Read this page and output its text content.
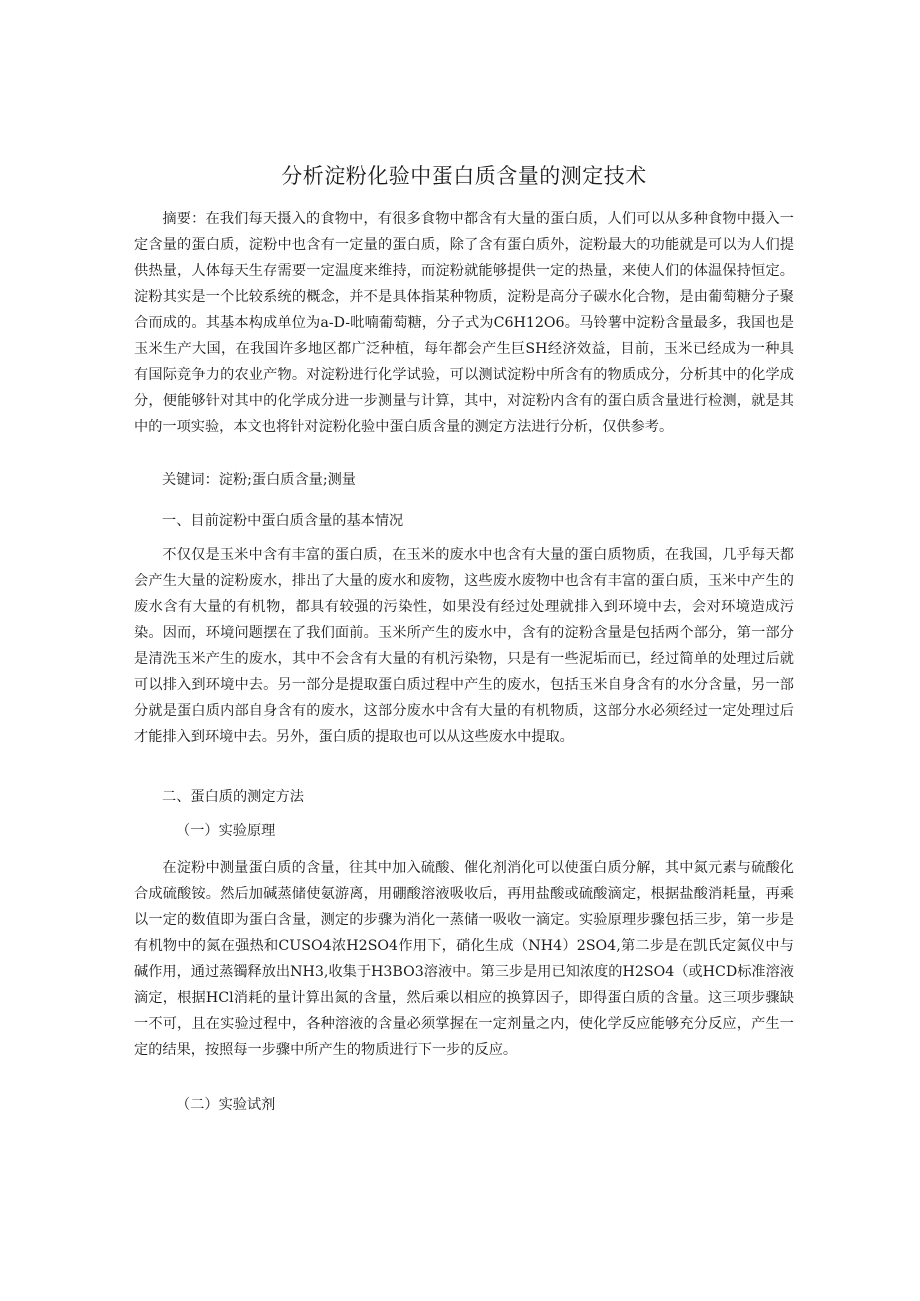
分析淀粉化验中蛋白质含量的测定技术

摘要：在我们每天摄入的食物中，有很多食物中都含有大量的蛋白质，人们可以从多种食物中摄入一定含量的蛋白质，淀粉中也含有一定量的蛋白质，除了含有蛋白质外，淀粉最大的功能就是可以为人们提供热量，人体每天生存需要一定温度来维持，而淀粉就能够提供一定的热量，来使人们的体温保持恒定。淀粉其实是一个比较系统的概念，并不是具体指某种物质，淀粉是高分子碳水化合物，是由葡萄糖分子聚合而成的。其基本构成单位为a-D-吡喃葡萄糖，分子式为C6H12O6。马铃薯中淀粉含量最多，我国也是玉米生产大国，在我国许多地区都广泛种植，每年都会产生巨SH经济效益，目前，玉米已经成为一种具有国际竞争力的农业产物。对淀粉进行化学试验，可以测试淀粉中所含有的物质成分，分析其中的化学成分，便能够针对其中的化学成分进一步测量与计算，其中，对淀粉内含有的蛋白质含量进行检测，就是其中的一项实验，本文也将针对淀粉化验中蛋白质含量的测定方法进行分析，仅供参考。

关键词：淀粉;蛋白质含量;测量

一、目前淀粉中蛋白质含量的基本情况

不仅仅是玉米中含有丰富的蛋白质，在玉米的废水中也含有大量的蛋白质物质，在我国，几乎每天都会产生大量的淀粉废水，排出了大量的废水和废物，这些废水废物中也含有丰富的蛋白质，玉米中产生的废水含有大量的有机物，都具有较强的污染性，如果没有经过处理就排入到环境中去，会对环境造成污染。因而，环境问题摆在了我们面前。玉米所产生的废水中，含有的淀粉含量是包括两个部分，第一部分是清洗玉米产生的废水，其中不会含有大量的有机污染物，只是有一些泥垢而已，经过简单的处理过后就可以排入到环境中去。另一部分是提取蛋白质过程中产生的废水，包括玉米自身含有的水分含量，另一部分就是蛋白质内部自身含有的废水，这部分废水中含有大量的有机物质，这部分水必须经过一定处理过后才能排入到环境中去。另外，蛋白质的提取也可以从这些废水中提取。

二、蛋白质的测定方法

（一）实验原理

在淀粉中测量蛋白质的含量，往其中加入硫酸、催化剂消化可以使蛋白质分解，其中氮元素与硫酸化合成硫酸铵。然后加碱蒸储使氨游离，用硼酸溶液吸收后，再用盐酸或硫酸滴定，根据盐酸消耗量，再乘以一定的数值即为蛋白含量，测定的步骤为消化一蒸储一吸收一滴定。实验原理步骤包括三步，第一步是有机物中的氮在强热和CUSO4浓H2SO4作用下，硝化生成（NH4）2SO4,第二步是在凯氏定氮仪中与碱作用，通过蒸镯释放出NH3,收集于H3BO3溶液中。第三步是用已知浓度的H2SO4（或HCD标准溶液滴定，根据HCl消耗的量计算出氮的含量，然后乘以相应的换算因子，即得蛋白质的含量。这三项步骤缺一不可，且在实验过程中，各种溶液的含量必须掌握在一定剂量之内，使化学反应能够充分反应，产生一定的结果，按照每一步骤中所产生的物质进行下一步的反应。

（二）实验试剂
